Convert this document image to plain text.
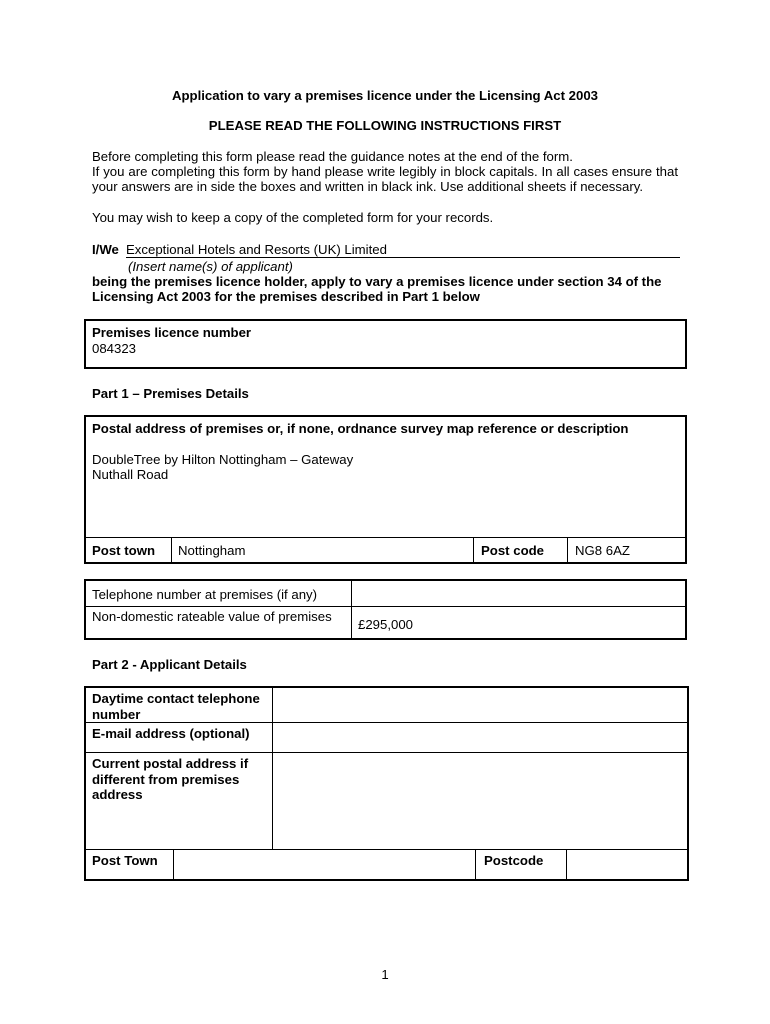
Application to vary a premises licence under the Licensing Act 2003
PLEASE READ THE FOLLOWING INSTRUCTIONS FIRST
Before completing this form please read the guidance notes at the end of the form.
If you are completing this form by hand please write legibly in block capitals. In all cases ensure that your answers are in side the boxes and written in black ink. Use additional sheets if necessary.
You may wish to keep a copy of the completed form for your records.
I/We Exceptional Hotels and Resorts (UK) Limited
(Insert name(s) of applicant)
being the premises licence holder, apply to vary a premises licence under section 34 of the Licensing Act 2003 for the premises described in Part 1 below
Premises licence number
084323
Part 1 – Premises Details
Postal address of premises or, if none, ordnance survey map reference or description
DoubleTree by Hilton Nottingham – Gateway
Nuthall Road
Post town Nottingham	Post code NG8 6AZ
Telephone number at premises (if any)
Non-domestic rateable value of premises
£295,000
Part 2 - Applicant Details
Daytime contact telephone number
E-mail address (optional)
Current postal address if different from premises address
Post Town	Postcode
1
